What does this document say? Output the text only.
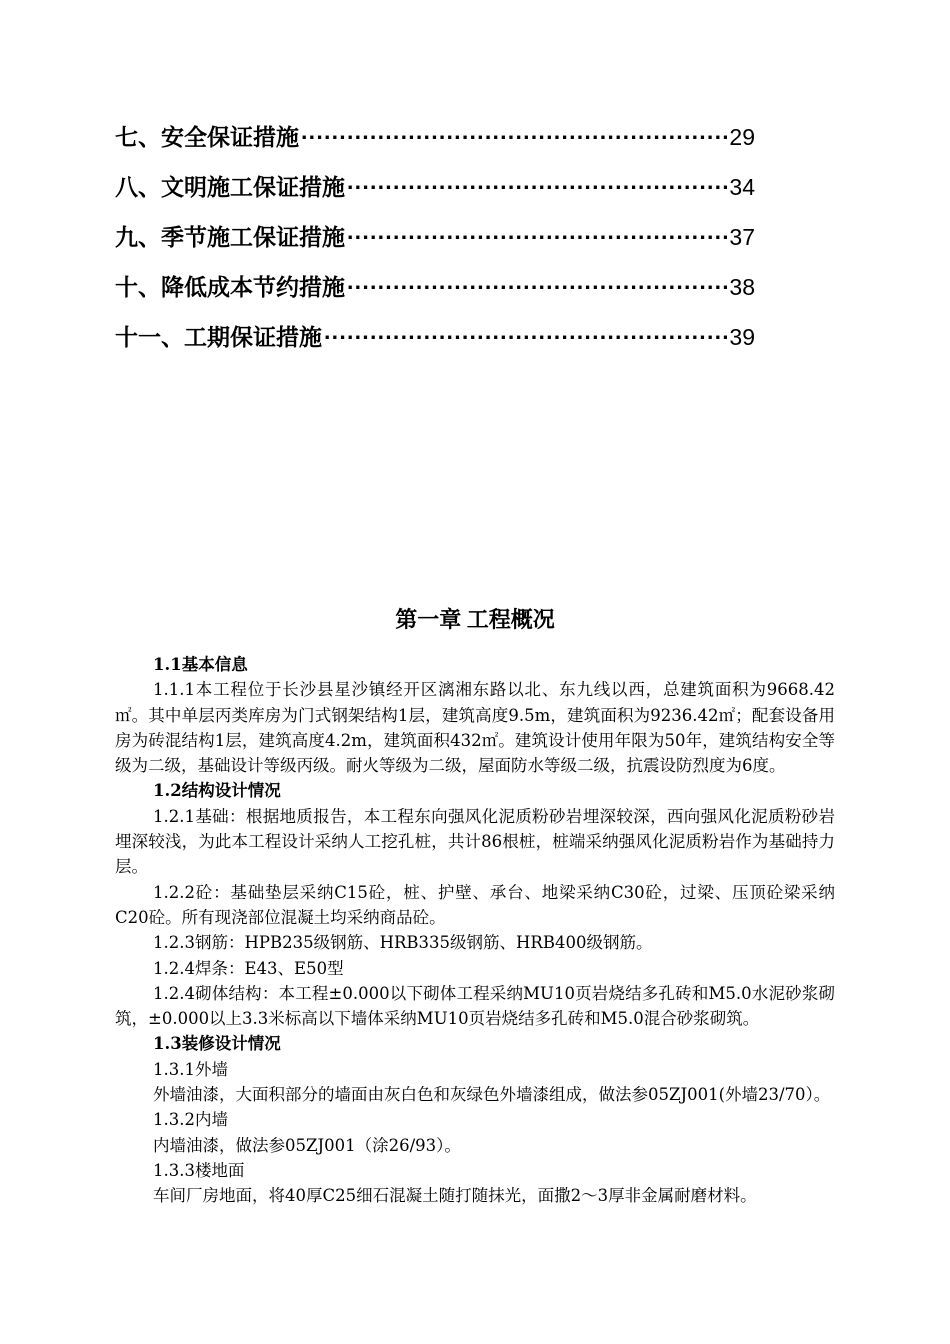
七、安全保证措施 ·····	29
八、文明施工保证措施 ·····	34
九、季节施工保证措施 ·····	37
十、降低成本节约措施 ·····	38
十一、工期保证措施 ·····	39
第一章 工程概况

1.1基本信息

1.1.1本工程位于长沙县星沙镇经开区漓湘东路以北、东九线以西，总建筑面积为9668.42㎡。其中单层丙类库房为门式钢架结构1层，建筑高度9.5m，建筑面积为9236.42㎡；配套设备用房为砖混结构1层，建筑高度4.2m，建筑面积432㎡。建筑设计使用年限为50年，建筑结构安全等级为二级，基础设计等级丙级。耐火等级为二级，屋面防水等级二级，抗震设防烈度为6度。

1.2结构设计情况

1.2.1基础：根据地质报告，本工程东向强风化泥质粉砂岩埋深较深，西向强风化泥质粉砂岩埋深较浅，为此本工程设计采纳人工挖孔桩，共计86根桩，桩端采纳强风化泥质粉岩作为基础持力层。

1.2.2砼：基础垫层采纳C15砼，桩、护壁、承台、地梁采纳C30砼，过梁、压顶砼梁采纳C20砼。所有现浇部位混凝土均采纳商品砼。

1.2.3钢筋：HPB235级钢筋、HRB335级钢筋、HRB400级钢筋。

1.2.4焊条：E43、E50型

1.2.4砌体结构：本工程±0.000以下砌体工程采纳MU10页岩烧结多孔砖和M5.0水泥砂浆砌筑，±0.000以上3.3米标高以下墙体采纳MU10页岩烧结多孔砖和M5.0混合砂浆砌筑。

1.3装修设计情况

1.3.1外墙

外墙油漆，大面积部分的墙面由灰白色和灰绿色外墙漆组成，做法参05ZJ001(外墙23/70）。

1.3.2内墙

内墙油漆，做法参05ZJ001（涂26/93）。

1.3.3楼地面

车间厂房地面，将40厚C25细石混凝土随打随抹光，面撒2～3厚非金属耐磨材料。
